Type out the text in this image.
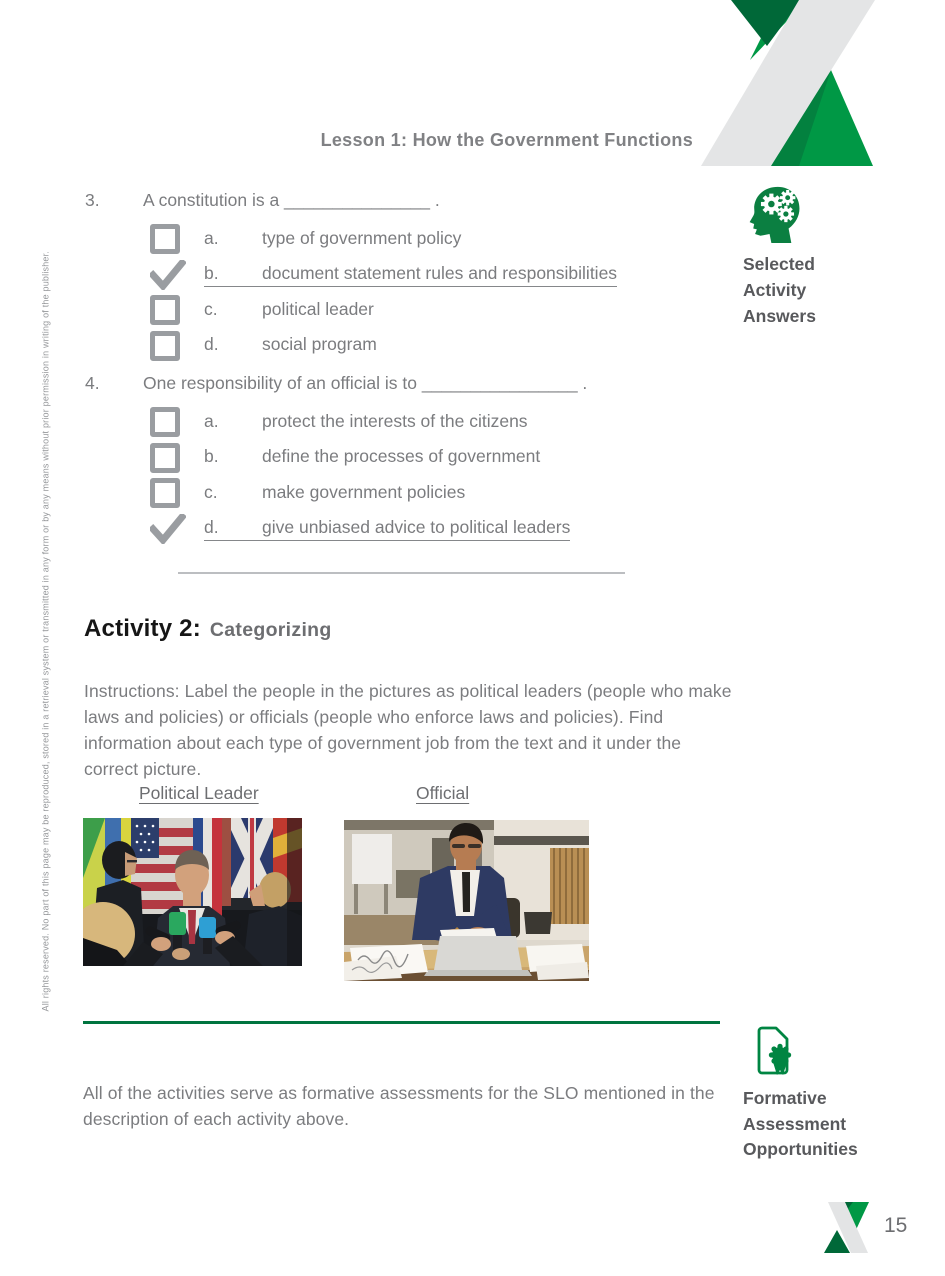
Lesson 1: How the Government Functions
3.	A constitution is a _______________ .
a.	type of government policy
b.	document statement rules and responsibilities
c.	political leader
d.	social program
4.	One responsibility of an official is to ________________ .
a.	protect the interests of the citizens
b.	define the processes of government
c.	make government policies
d.	give unbiased advice to political leaders
Selected
Activity
Answers
Activity 2: Categorizing

Instructions: Label the people in the pictures as political leaders (people who make laws and policies) or officials (people who enforce laws and policies). Find information about each type of government job from the text and it under the correct picture.

Political Leader	Official

All of the activities serve as formative assessments for the SLO mentioned in the description of each activity above.

Formative
Assessment
Opportunities
15
All rights reserved. No part of this page may be reproduced, stored in a retrieval system or transmitted in any form or by any means without prior permission in writing of the publisher.
